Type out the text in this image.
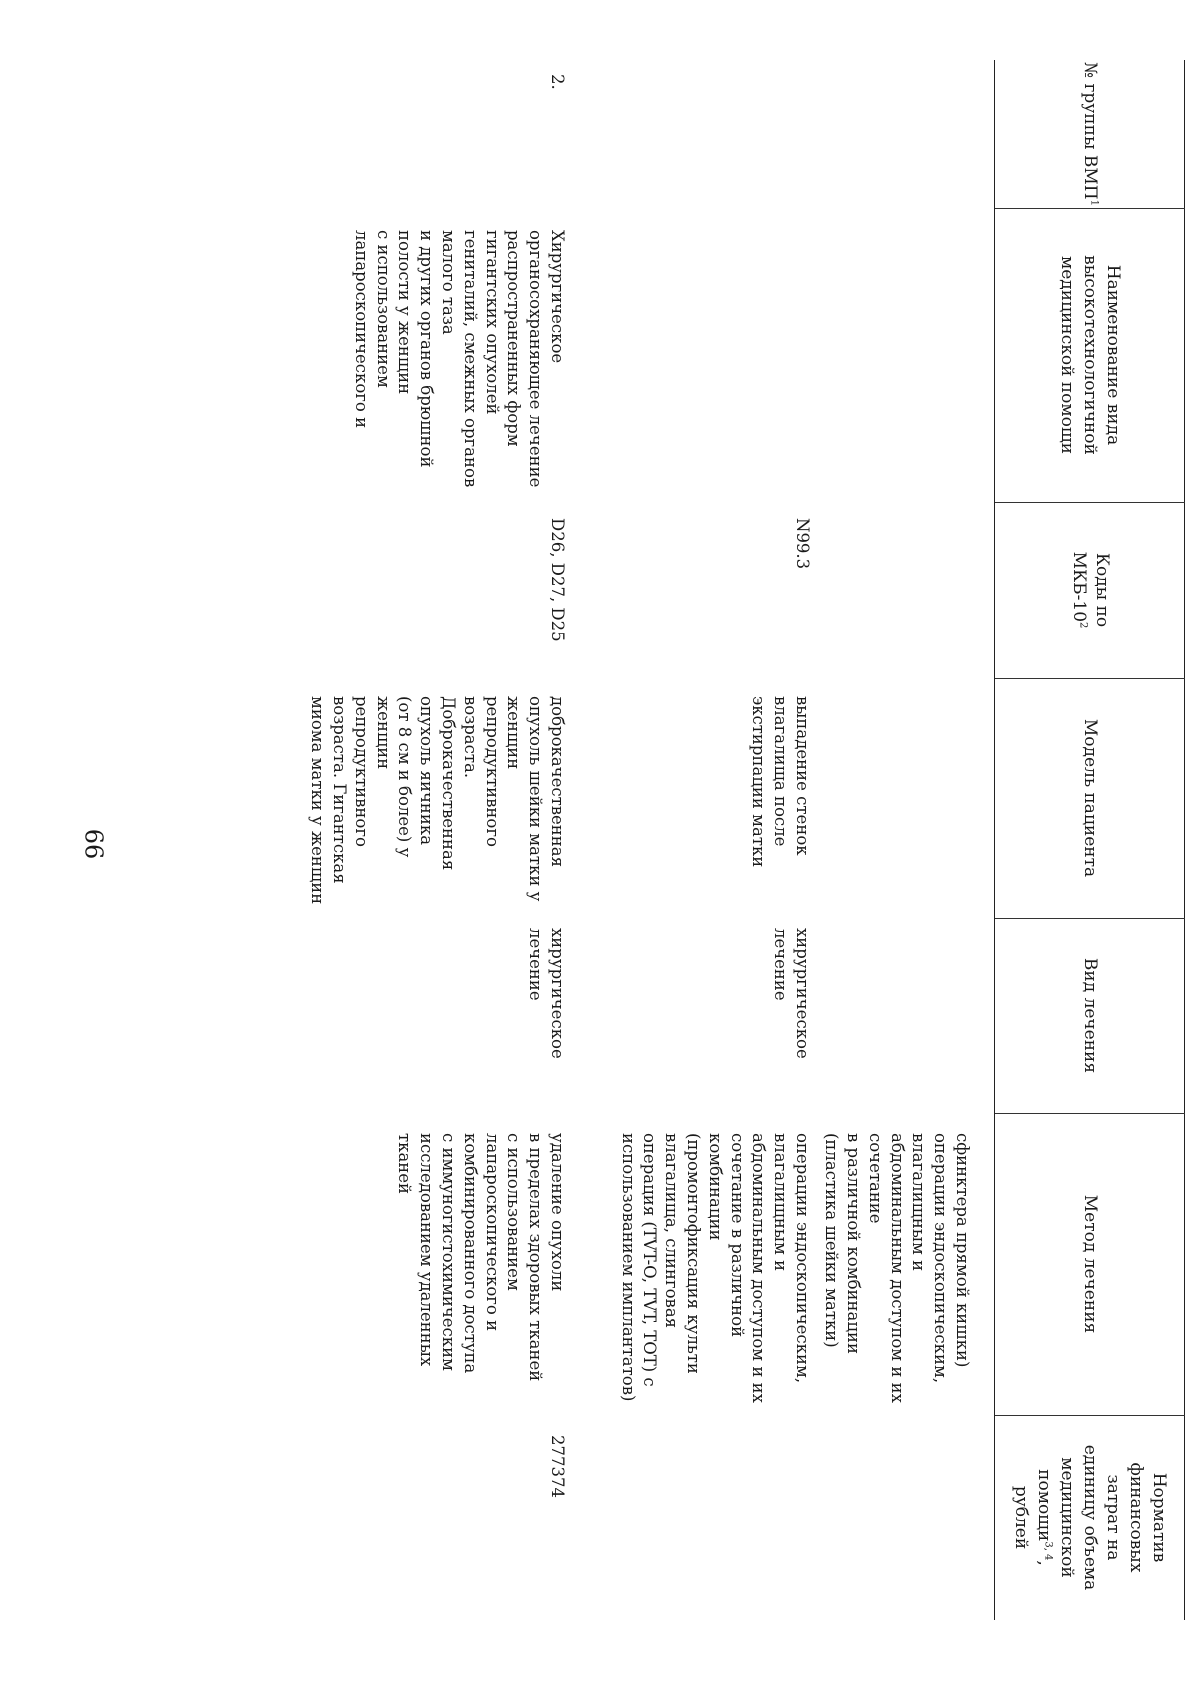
66
№ группы ВМП$^1$
Наименование вида высокотехнологичной медицинской помощи
Коды по МКБ-$10^2$
Модель пациента
Вид лечения
Метод лечения
Норматив финансовых затрат на единицу объема медицинской помощи$^{3, 4}$, рублей
сфинктера прямой кишки)
операции эндоскопическим,
влагалищным и
абдоминальным доступом и их
сочетание
в различной комбинации
(пластика шейки матки)
N99.3
выпадение стенок
влагалища после
экстирпации матки
хирургическое
лечение
операции эндоскопическим,
влагалищным и
абдоминальным доступом и их
сочетание в различной
комбинации
(промонтофиксация культи
влагалища, слинговая
операция (TVT-O, TVT, TOT) с
использованием имплантатов)
2.
Хирургическое
органосохраняющее лечение
распространенных форм
гигантских опухолей
гениталий, смежных органов
малого таза
и других органов брюшной
полости у женщин
с использованием
лапароскопического и
D26, D27, D25
доброкачественная
опухоль шейки матки у
женщин репродуктивного
возраста.
Доброкачественная
опухоль яичника
(от 8 см и более) у женщин
репродуктивного
возраста. Гигантская
миома матки у женщин
хирургическое
лечение
удаление опухоли
в пределах здоровых тканей
с использованием
лапароскопического и
комбинированного доступа
с иммуногистохимическим
исследованием удаленных
тканей
277374
